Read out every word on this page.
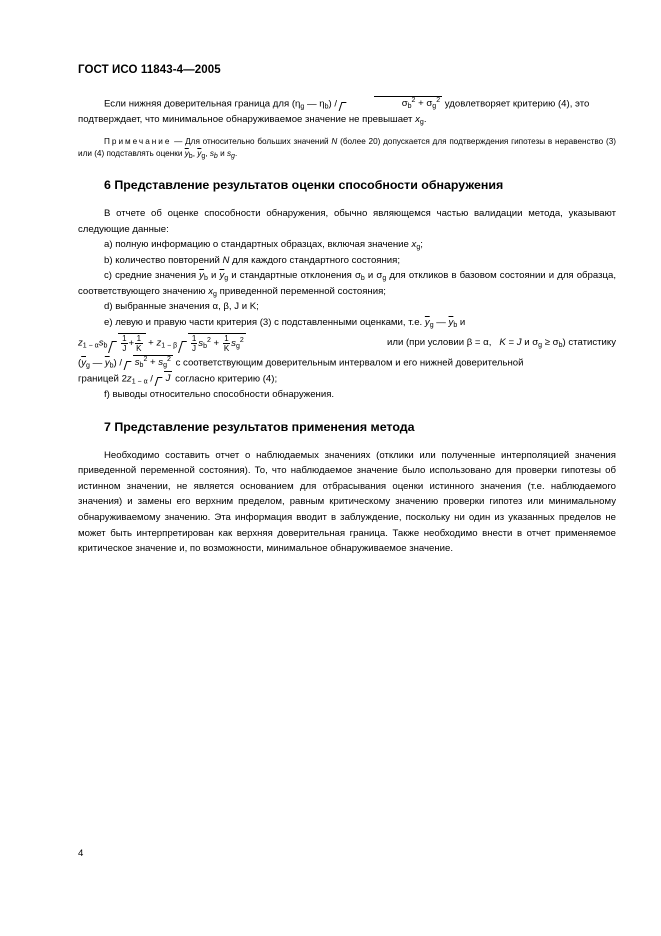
ГОСТ ИСО 11843-4—2005

Если нижняя доверительная граница для ($\eta_g$ — $\eta_b$) /	$\sigma_b^2 + \sigma_g^2$ удовлетворяет критерию (4), это

подтверждает, что минимальное обнаруживаемое значение не превышает $x_g$.

Примечание — Для относительно больших значений N (более 20) допускается для подтверждения гипотезы в неравенство (3) или (4) подставлять оценки $\overline{y}b$, $\overline{y}g$, sb и sg.

6 Представление результатов оценки способности обнаружения

В отчете об оценке способности обнаружения, обычно являющемся частью валидации метода, указывают следующие данные:

a) полную информацию о стандартных образцах, включая значение $x_g$;

b) количество повторений N для каждого стандартного состояния;

c) средние значения $\overline{y}_b$ и $\overline{y}_g$ и стандартные отклонения $\sigma_b$ и $\sigma_g$ для откликов в базовом состоянии и для образца, соответствующего значению $x_g$ приведенной переменной состояния;

d) выбранные значения α, β, J и K;

e) левую и правую части критерия (3) с подставленными оценками, т.е. $\overline{y}_g$ — $\overline{y}_b$ и

$z_{1 - \alpha}s_b \frac{1}{J} + \frac{1}{K} + z_{1 - \beta} \frac{1}{J} s_b^2 + \frac{1}{K} s_g^2$	или (при условии β = α,   K = J и $\sigma_g \ge \sigma_b$) статистику

($\overline{y}_g$ — $\overline{y}_b) / s_b^2 + s_g^2$ с соответствующим доверительным интервалом и его нижней доверительной

границей $2z_{1 - \alpha}$ / J согласно критерию (4);

f) выводы относительно способности обнаружения.

7 Представление результатов применения метода

Необходимо составить отчет о наблюдаемых значениях (отклики или полученные интерполяцией значения приведенной переменной состояния). То, что наблюдаемое значение было использовано для проверки гипотезы об истинном значении, не является основанием для отбрасывания оценки истинного значения (т.е. наблюдаемого значения) и замены его верхним пределом, равным критическому значению проверки гипотез или минимальному обнаруживаемому значению. Эта информация вводит в заблуждение, поскольку ни один из указанных пределов не может быть интерпретирован как верхняя доверительная граница. Также необходимо внести в отчет применяемое критическое значение и, по возможности, минимальное обнаруживаемое значение.

4
